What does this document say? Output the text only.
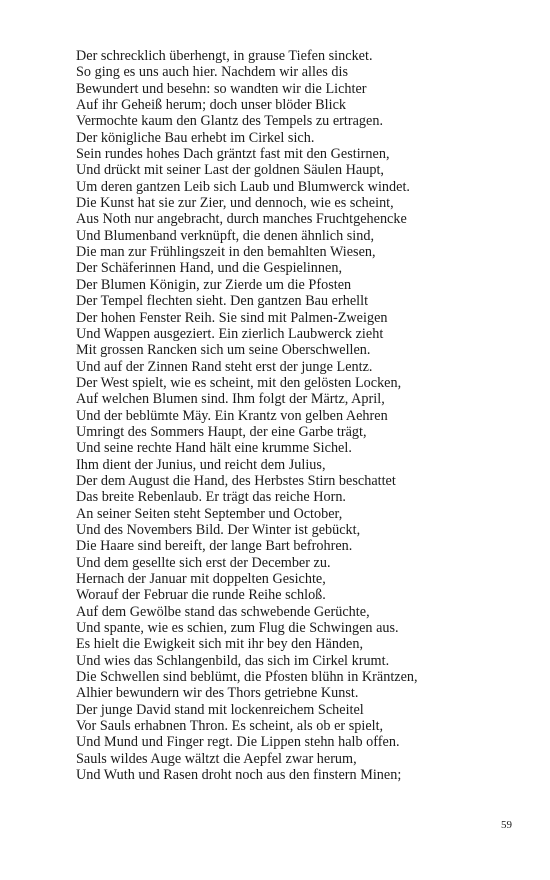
Der schrecklich überhengt, in grause Tiefen sincket.
So ging es uns auch hier. Nachdem wir alles dis
Bewundert und besehn: so wandten wir die Lichter
Auf ihr Geheiß herum; doch unser blöder Blick
Vermochte kaum den Glantz des Tempels zu ertragen.
Der königliche Bau erhebt im Cirkel sich.
Sein rundes hohes Dach gräntzt fast mit den Gestirnen,
Und drückt mit seiner Last der goldnen Säulen Haupt,
Um deren gantzen Leib sich Laub und Blumwerck windet.
Die Kunst hat sie zur Zier, und dennoch, wie es scheint,
Aus Noth nur angebracht, durch manches Fruchtgehencke
Und Blumenband verknüpft, die denen ähnlich sind,
Die man zur Frühlingszeit in den bemahlten Wiesen,
Der Schäferinnen Hand, und die Gespielinnen,
Der Blumen Königin, zur Zierde um die Pfosten
Der Tempel flechten sieht. Den gantzen Bau erhellt
Der hohen Fenster Reih. Sie sind mit Palmen-Zweigen
Und Wappen ausgeziert. Ein zierlich Laubwerck zieht
Mit grossen Rancken sich um seine Oberschwellen.
Und auf der Zinnen Rand steht erst der junge Lentz.
Der West spielt, wie es scheint, mit den gelösten Locken,
Auf welchen Blumen sind. Ihm folgt der Märtz, April,
Und der beblümte Mäy. Ein Krantz von gelben Aehren
Umringt des Sommers Haupt, der eine Garbe trägt,
Und seine rechte Hand hält eine krumme Sichel.
Ihm dient der Junius, und reicht dem Julius,
Der dem August die Hand, des Herbstes Stirn beschattet
Das breite Rebenlaub. Er trägt das reiche Horn.
An seiner Seiten steht September und October,
Und des Novembers Bild. Der Winter ist gebückt,
Die Haare sind bereift, der lange Bart befrohren.
Und dem gesellte sich erst der December zu.
Hernach der Januar mit doppelten Gesichte,
Worauf der Februar die runde Reihe schloß.
Auf dem Gewölbe stand das schwebende Gerüchte,
Und spante, wie es schien, zum Flug die Schwingen aus.
Es hielt die Ewigkeit sich mit ihr bey den Händen,
Und wies das Schlangenbild, das sich im Cirkel krumt.
Die Schwellen sind beblümt, die Pfosten blühn in Kräntzen,
Alhier bewundern wir des Thors getriebne Kunst.
Der junge David stand mit lockenreichem Scheitel
Vor Sauls erhabnen Thron. Es scheint, als ob er spielt,
Und Mund und Finger regt. Die Lippen stehn halb offen.
Sauls wildes Auge wältzt die Aepfel zwar herum,
Und Wuth und Rasen droht noch aus den finstern Minen;
59
